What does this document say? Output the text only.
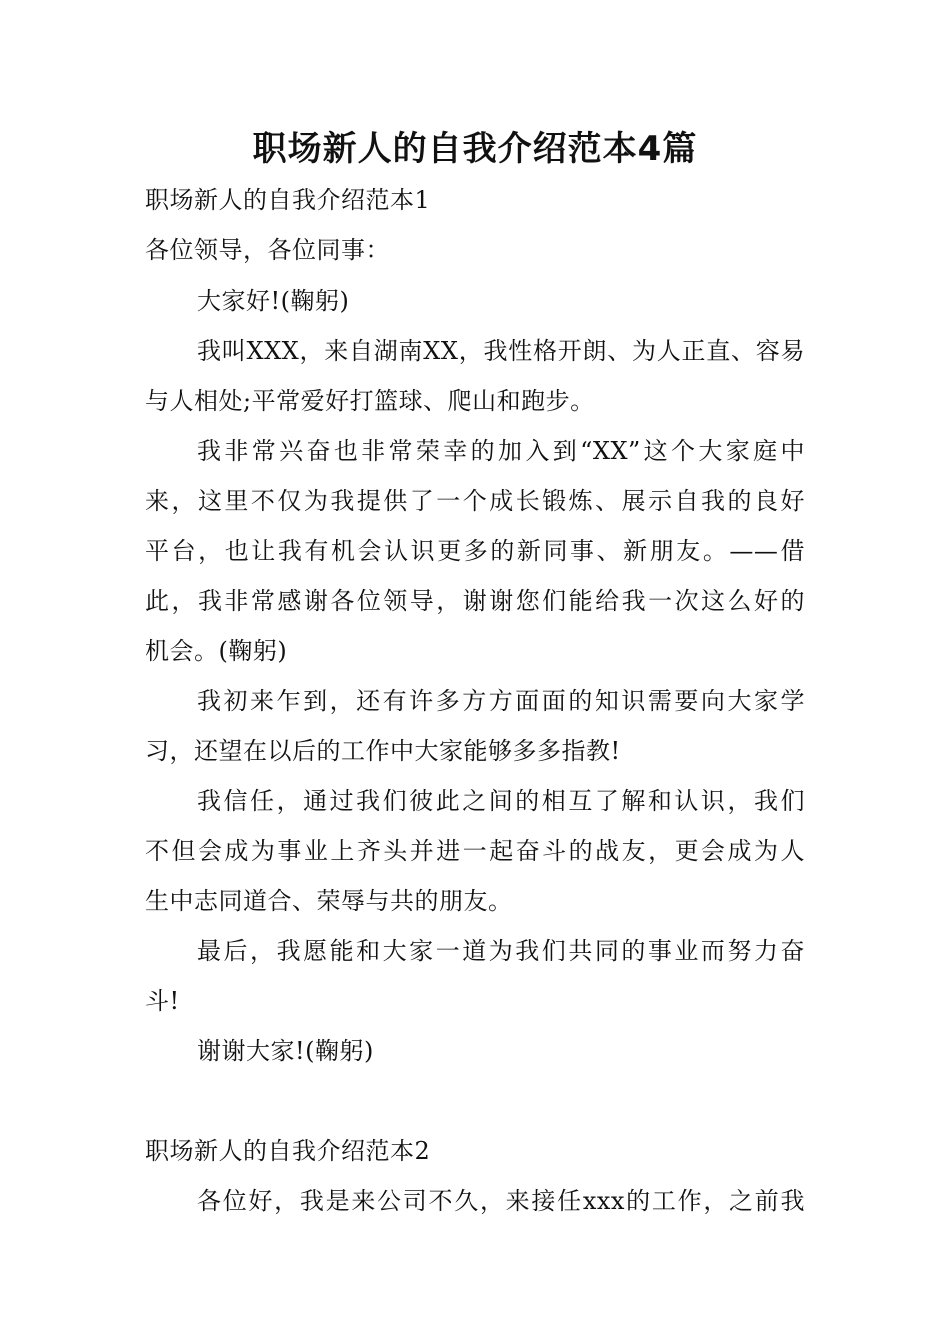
职场新人的自我介绍范本4篇
职场新人的自我介绍范本1
各位领导，各位同事：
大家好!(鞠躬)
我叫XXX，来自湖南XX，我性格开朗、为人正直、容易
与人相处;平常爱好打篮球、爬山和跑步。
我非常兴奋也非常荣幸的加入到“XX”这个大家庭中
来，这里不仅为我提供了一个成长锻炼、展示自我的良好
平台，也让我有机会认识更多的新同事、新朋友。——借
此，我非常感谢各位领导，谢谢您们能给我一次这么好的
机会。(鞠躬)
我初来乍到，还有许多方方面面的知识需要向大家学
习，还望在以后的工作中大家能够多多指教!
我信任，通过我们彼此之间的相互了解和认识，我们
不但会成为事业上齐头并进一起奋斗的战友，更会成为人
生中志同道合、荣辱与共的朋友。
最后，我愿能和大家一道为我们共同的事业而努力奋
斗!
谢谢大家!(鞠躬)
职场新人的自我介绍范本2
各位好，我是来公司不久，来接任xxx的工作，之前我
